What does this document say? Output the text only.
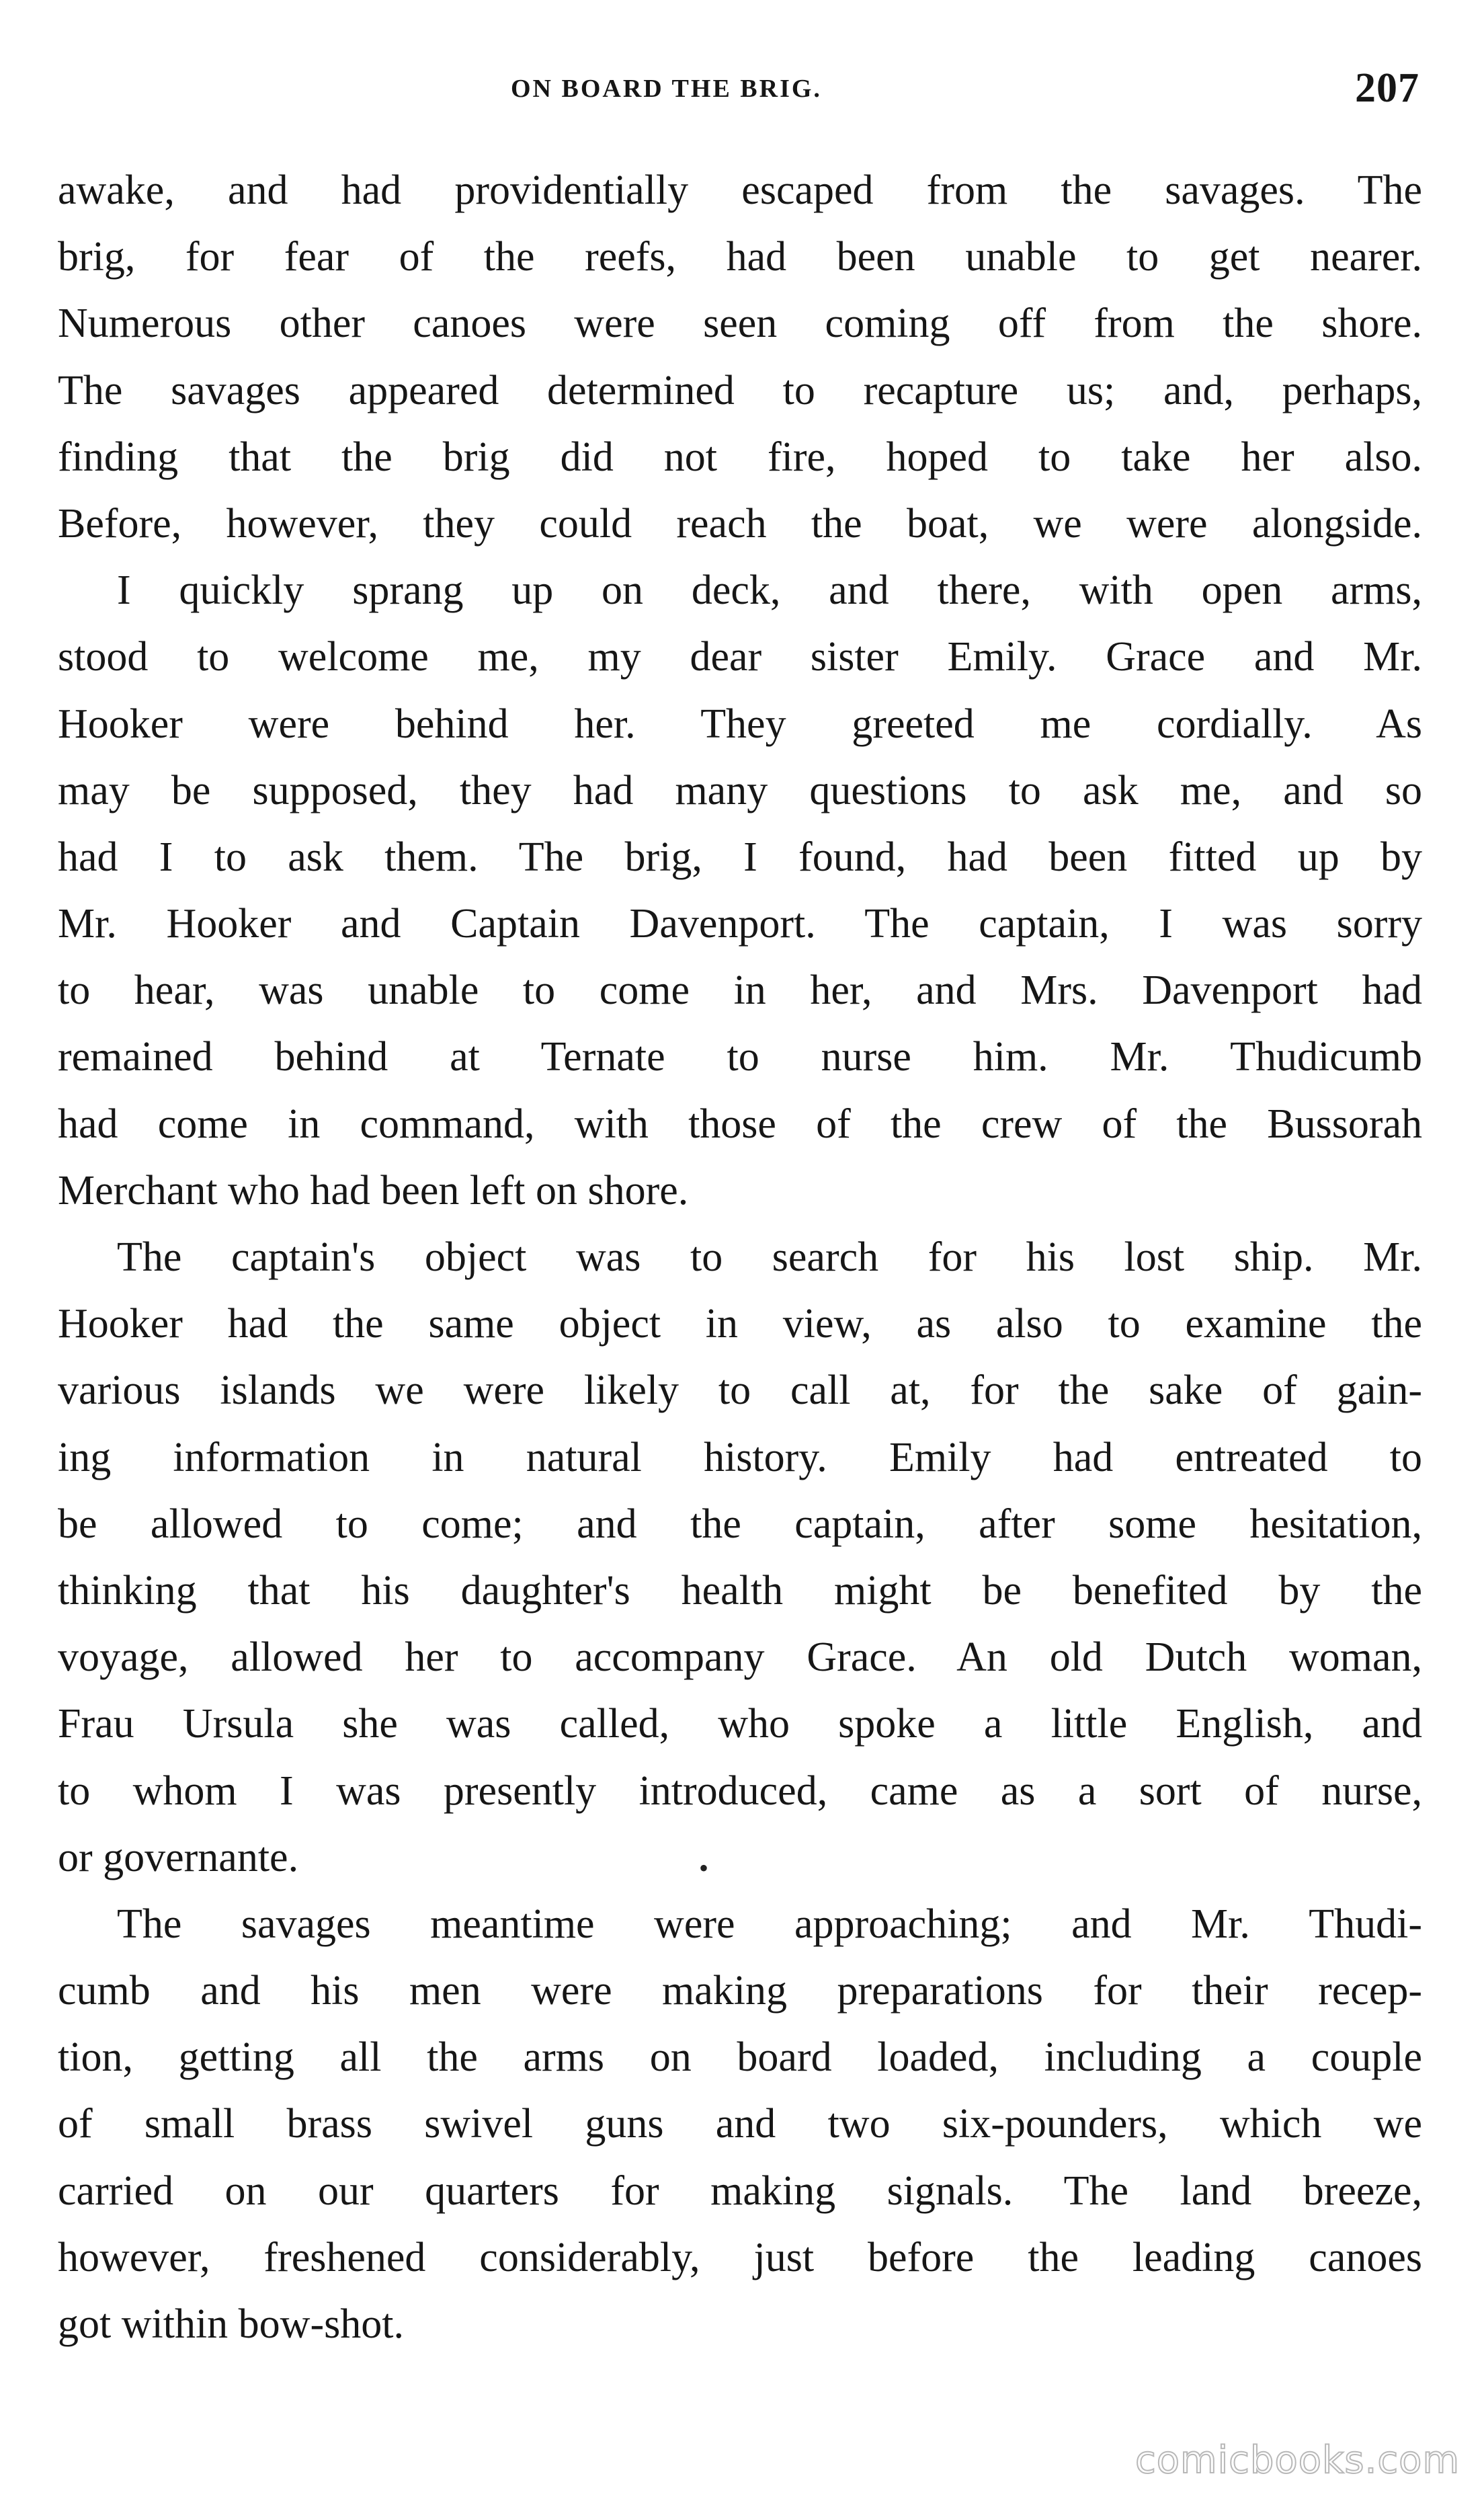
ON BOARD THE BRIG.	207

awake, and had providentially escaped from the savages. The
brig, for fear of the reefs, had been unable to get nearer.
Numerous other canoes were seen coming off from the shore.
The savages appeared determined to recapture us; and, perhaps,
finding that the brig did not fire, hoped to take her also.
Before, however, they could reach the boat, we were alongside.

I quickly sprang up on deck, and there, with open arms,
stood to welcome me, my dear sister Emily. Grace and Mr.
Hooker were behind her. They greeted me cordially. As
may be supposed, they had many questions to ask me, and so
had I to ask them. The brig, I found, had been fitted up by
Mr. Hooker and Captain Davenport. The captain, I was sorry
to hear, was unable to come in her, and Mrs. Davenport had
remained behind at Ternate to nurse him. Mr. Thudicumb
had come in command, with those of the crew of the Bussorah
Merchant who had been left on shore.

The captain's object was to search for his lost ship. Mr.
Hooker had the same object in view, as also to examine the
various islands we were likely to call at, for the sake of gain-
ing information in natural history. Emily had entreated to
be allowed to come; and the captain, after some hesitation,
thinking that his daughter's health might be benefited by the
voyage, allowed her to accompany Grace. An old Dutch woman,
Frau Ursula she was called, who spoke a little English, and
to whom I was presently introduced, came as a sort of nurse,
or governante.

The savages meantime were approaching; and Mr. Thudi-
cumb and his men were making preparations for their recep-
tion, getting all the arms on board loaded, including a couple
of small brass swivel guns and two six-pounders, which we
carried on our quarters for making signals. The land breeze,
however, freshened considerably, just before the leading canoes
got within bow-shot.

•
comicbooks.com
